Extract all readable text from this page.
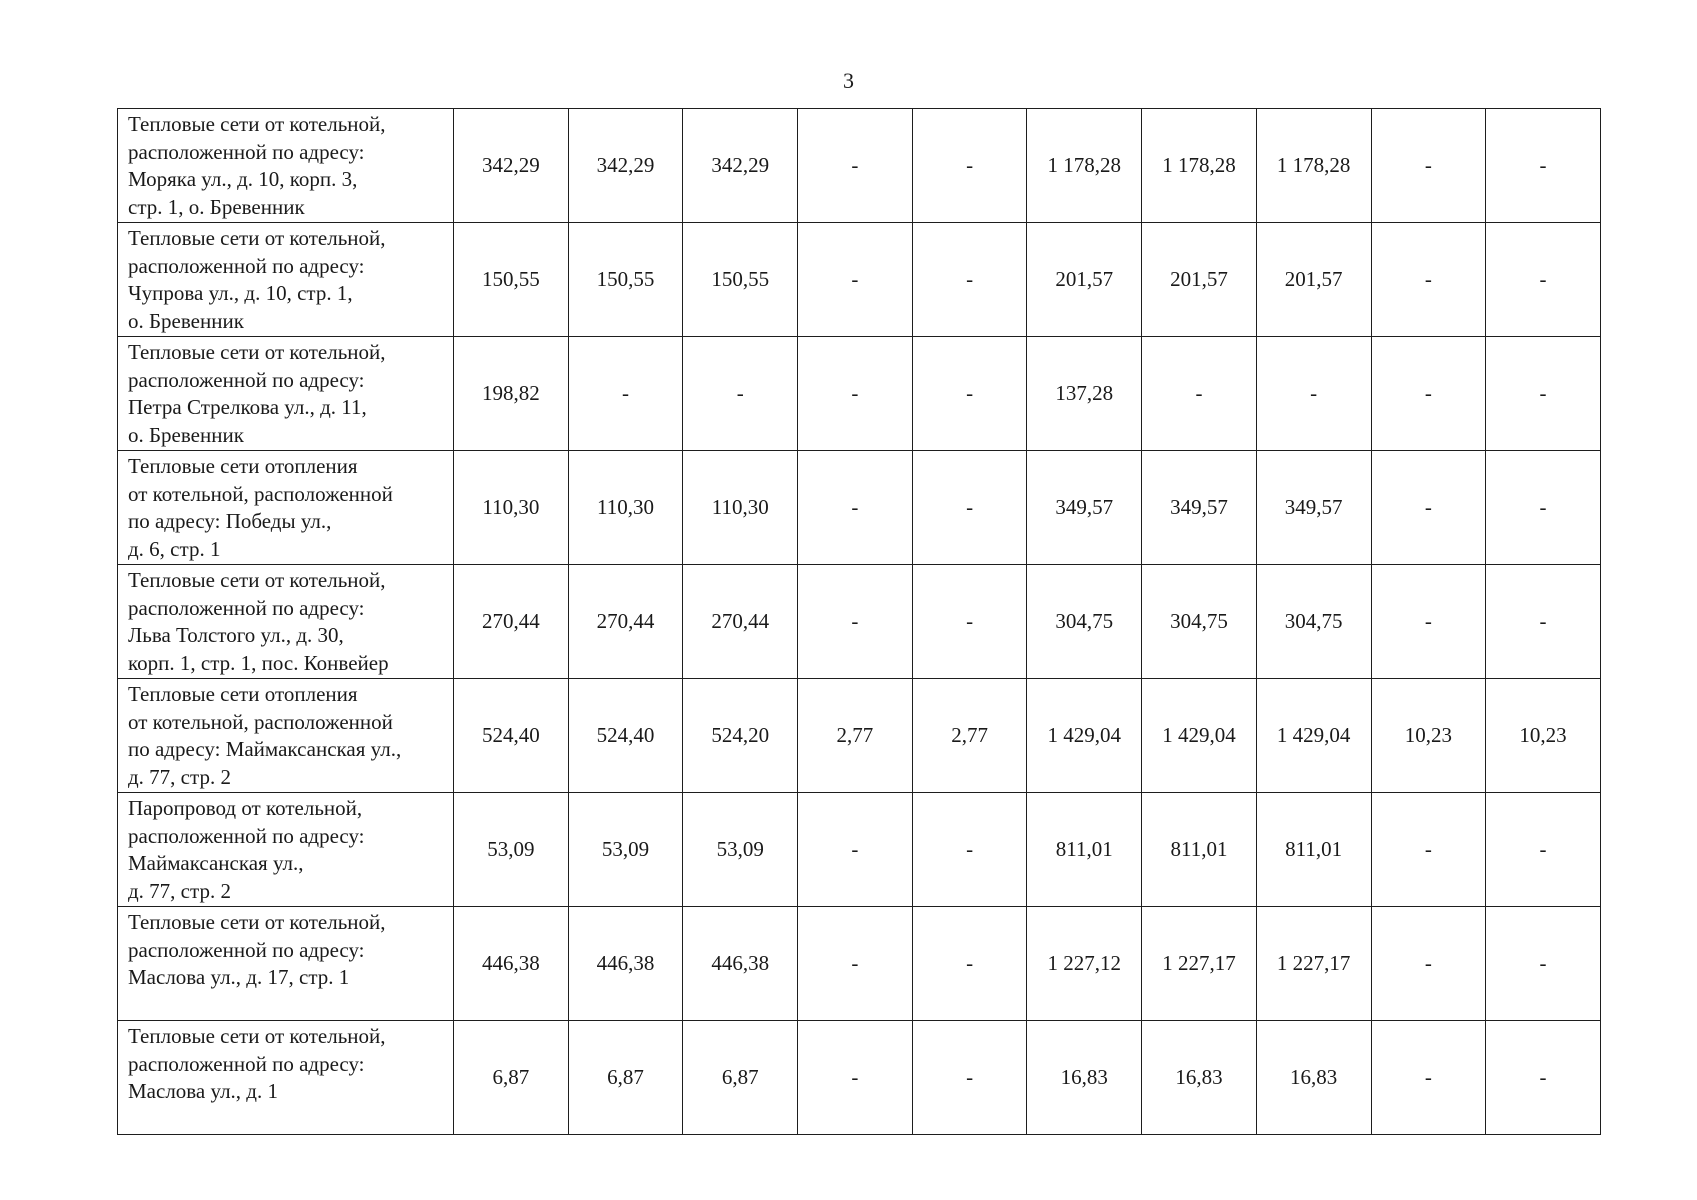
3
Тепловые сети от котельной,
расположенной по адресу:
Моряка ул., д. 10, корп. 3,
стр. 1, о. Бревенник	342,29	342,29	342,29	-	-	1 178,28	1 178,28	1 178,28	-	-

Тепловые сети от котельной,
расположенной по адресу:
Чупрова ул., д. 10, стр. 1,
о. Бревенник	150,55	150,55	150,55	-	-	201,57	201,57	201,57	-	-

Тепловые сети от котельной,
расположенной по адресу:
Петра Стрелкова ул., д. 11,
о. Бревенник	198,82	-	-	-	-	137,28	-	-	-	-

Тепловые сети отопления
от котельной, расположенной
по адресу: Победы ул.,
д. 6, стр. 1	110,30	110,30	110,30	-	-	349,57	349,57	349,57	-	-

Тепловые сети от котельной,
расположенной по адресу:
Льва Толстого ул., д. 30,
корп. 1, стр. 1, пос. Конвейер	270,44	270,44	270,44	-	-	304,75	304,75	304,75	-	-

Тепловые сети отопления
от котельной, расположенной
по адресу: Маймаксанская ул.,
д. 77, стр. 2	524,40	524,40	524,20	2,77	2,77	1 429,04	1 429,04	1 429,04	10,23	10,23

Паропровод от котельной,
расположенной по адресу:
Маймаксанская ул.,
д. 77, стр. 2	53,09	53,09	53,09	-	-	811,01	811,01	811,01	-	-

Тепловые сети от котельной,
расположенной по адресу:
Маслова ул., д. 17, стр. 1	446,38	446,38	446,38	-	-	1 227,12	1 227,17	1 227,17	-	-

Тепловые сети от котельной,
расположенной по адресу:
Маслова ул., д. 1	6,87	6,87	6,87	-	-	16,83	16,83	16,83	-	-
